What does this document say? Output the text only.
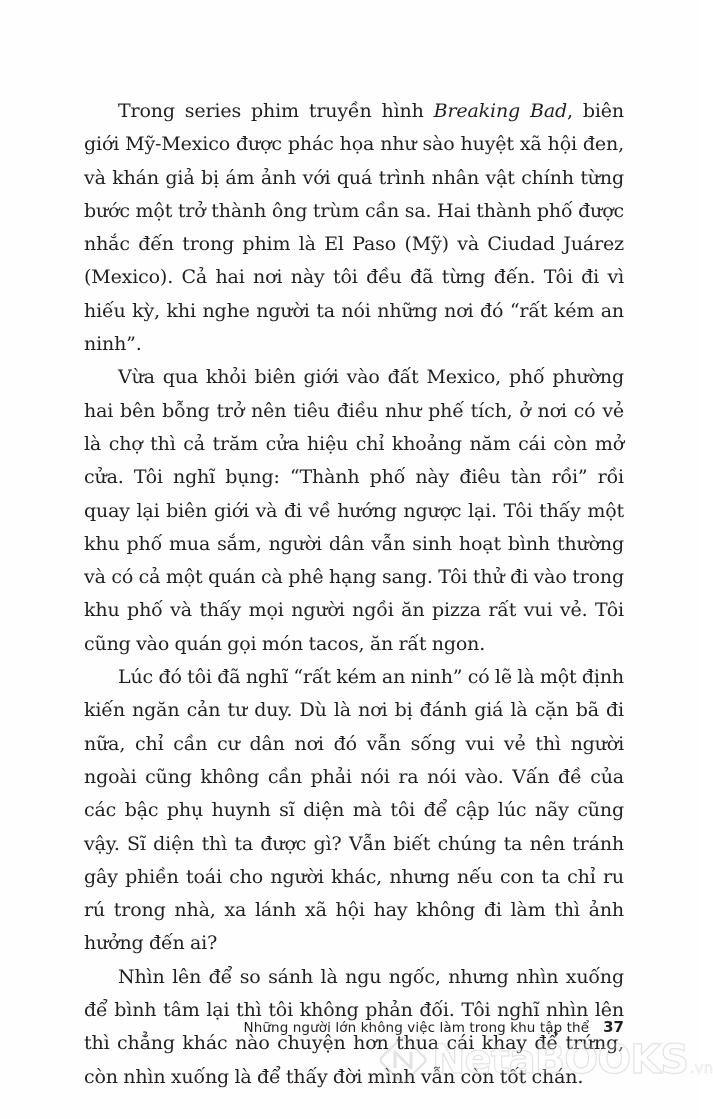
Trong series phim truyền hình Breaking Bad, biên giới Mỹ-Mexico được phác họa như sào huyệt xã hội đen, và khán giả bị ám ảnh với quá trình nhân vật chính từng bước một trở thành ông trùm cần sa. Hai thành phố được nhắc đến trong phim là El Paso (Mỹ) và Ciudad Juárez (Mexico). Cả hai nơi này tôi đều đã từng đến. Tôi đi vì hiếu kỳ, khi nghe người ta nói những nơi đó “rất kém an ninh”.

Vừa qua khỏi biên giới vào đất Mexico, phố phường hai bên bỗng trở nên tiêu điều như phế tích, ở nơi có vẻ là chợ thì cả trăm cửa hiệu chỉ khoảng năm cái còn mở cửa. Tôi nghĩ bụng: “Thành phố này điêu tàn rồi” rồi quay lại biên giới và đi về hướng ngược lại. Tôi thấy một khu phố mua sắm, người dân vẫn sinh hoạt bình thường và có cả một quán cà phê hạng sang. Tôi thử đi vào trong khu phố và thấy mọi người ngồi ăn pizza rất vui vẻ. Tôi cũng vào quán gọi món tacos, ăn rất ngon.

Lúc đó tôi đã nghĩ “rất kém an ninh” có lẽ là một định kiến ngăn cản tư duy. Dù là nơi bị đánh giá là cặn bã đi nữa, chỉ cần cư dân nơi đó vẫn sống vui vẻ thì người ngoài cũng không cần phải nói ra nói vào. Vấn đề của các bậc phụ huynh sĩ diện mà tôi để cập lúc nãy cũng vậy. Sĩ diện thì ta được gì? Vẫn biết chúng ta nên tránh gây phiền toái cho người khác, nhưng nếu con ta chỉ ru rú trong nhà, xa lánh xã hội hay không đi làm thì ảnh hưởng đến ai?

Nhìn lên để so sánh là ngu ngốc, nhưng nhìn xuống để bình tâm lại thì tôi không phản đối. Tôi nghĩ nhìn lên thì chẳng khác nào chuyện hơn thua cái khay để trứng, còn nhìn xuống là để thấy đời mình vẫn còn tốt chán.

Những người lớn không việc làm trong khu tập thể 37
NetaBOOKS .vn
